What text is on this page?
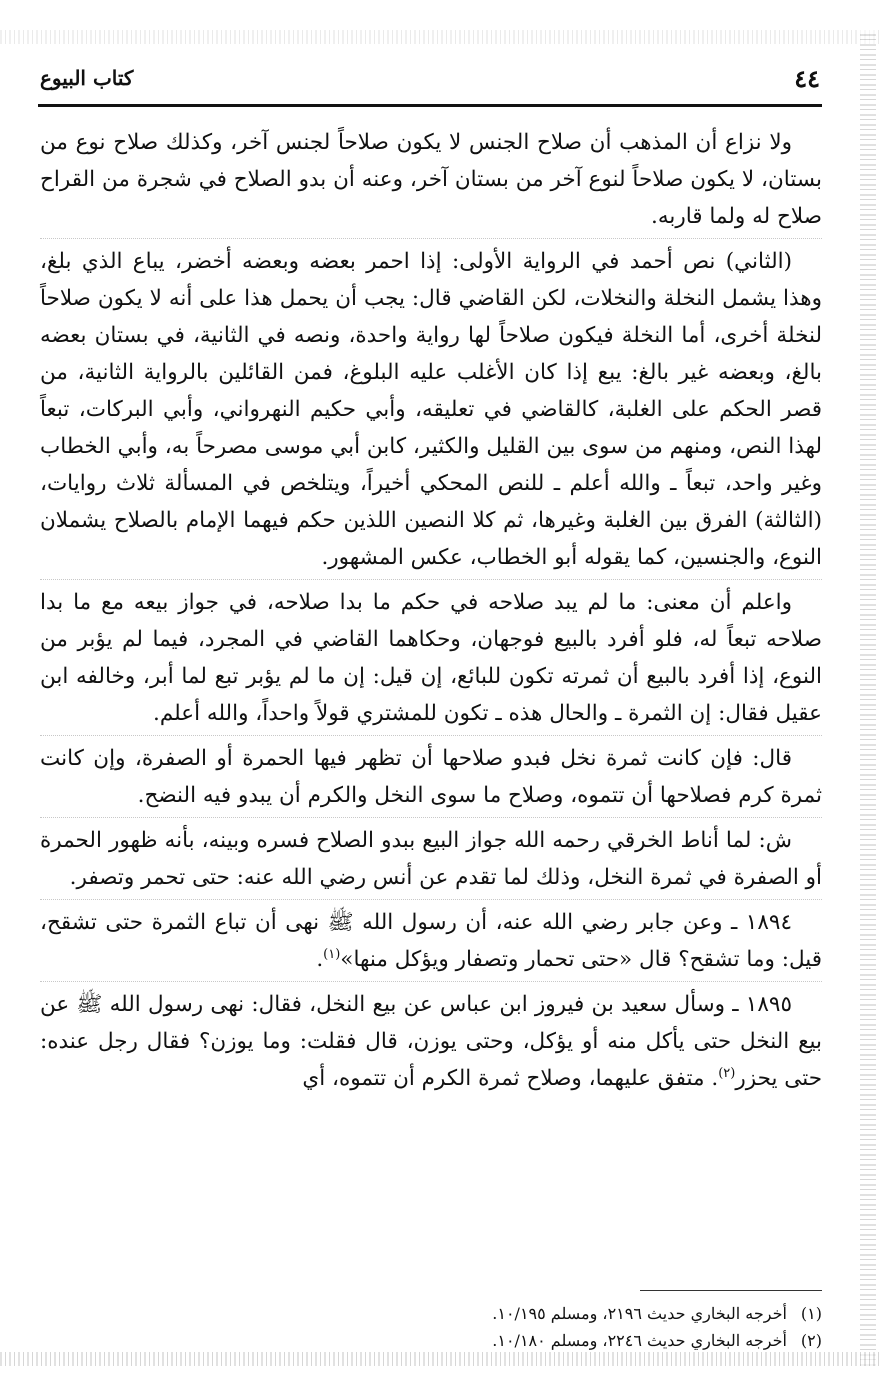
٤٤
كتاب البيوع

ولا نزاع أن المذهب أن صلاح الجنس لا يكون صلاحاً لجنس آخر، وكذلك صلاح نوع من بستان، لا يكون صلاحاً لنوع آخر من بستان آخر، وعنه أن بدو الصلاح في شجرة من القراح صلاح له ولما قاربه.

(الثاني) نص أحمد في الرواية الأولى: إذا احمر بعضه وبعضه أخضر، يباع الذي بلغ، وهذا يشمل النخلة والنخلات، لكن القاضي قال: يجب أن يحمل هذا على أنه لا يكون صلاحاً لنخلة أخرى، أما النخلة فيكون صلاحاً لها رواية واحدة، ونصه في الثانية، في بستان بعضه بالغ، وبعضه غير بالغ: يبع إذا كان الأغلب عليه البلوغ، فمن القائلين بالرواية الثانية، من قصر الحكم على الغلبة، كالقاضي في تعليقه، وأبي حكيم النهرواني، وأبي البركات، تبعاً لهذا النص، ومنهم من سوى بين القليل والكثير، كابن أبي موسى مصرحاً به، وأبي الخطاب وغير واحد، تبعاً ـ والله أعلم ـ للنص المحكي أخيراً، ويتلخص في المسألة ثلاث روايات، (الثالثة) الفرق بين الغلبة وغيرها، ثم كلا النصين اللذين حكم فيهما الإمام بالصلاح يشملان النوع، والجنسين، كما يقوله أبو الخطاب، عكس المشهور.

واعلم أن معنى: ما لم يبد صلاحه في حكم ما بدا صلاحه، في جواز بيعه مع ما بدا صلاحه تبعاً له، فلو أفرد بالبيع فوجهان، وحكاهما القاضي في المجرد، فيما لم يؤبر من النوع، إذا أفرد بالبيع أن ثمرته تكون للبائع، إن قيل: إن ما لم يؤبر تبع لما أبر، وخالفه ابن عقيل فقال: إن الثمرة ـ والحال هذه ـ تكون للمشتري قولاً واحداً، والله أعلم.

قال: فإن كانت ثمرة نخل فبدو صلاحها أن تظهر فيها الحمرة أو الصفرة، وإن كانت ثمرة كرم فصلاحها أن تتموه، وصلاح ما سوى النخل والكرم أن يبدو فيه النضح.

ش: لما أناط الخرقي رحمه الله جواز البيع ببدو الصلاح فسره وبينه، بأنه ظهور الحمرة أو الصفرة في ثمرة النخل، وذلك لما تقدم عن أنس رضي الله عنه: حتى تحمر وتصفر.

١٨٩٤ ـ وعن جابر رضي الله عنه، أن رسول الله ﷺ نهى أن تباع الثمرة حتى تشقح، قيل: وما تشقح؟ قال «حتى تحمار وتصفار ويؤكل منها»$^{(١)}$.

١٨٩٥ ـ وسأل سعيد بن فيروز ابن عباس عن بيع النخل، فقال: نهى رسول الله ﷺ عن بيع النخل حتى يأكل منه أو يؤكل، وحتى يوزن، قال فقلت: وما يوزن؟ فقال رجل عنده: حتى يحزر$^{(٢)}$. متفق عليهما، وصلاح ثمرة الكرم أن تتموه، أي

(١)أخرجه البخاري حديث ٢١٩٦، ومسلم ١٠/١٩٥.

(٢)أخرجه البخاري حديث ٢٢٤٦، ومسلم ١٠/١٨٠.
